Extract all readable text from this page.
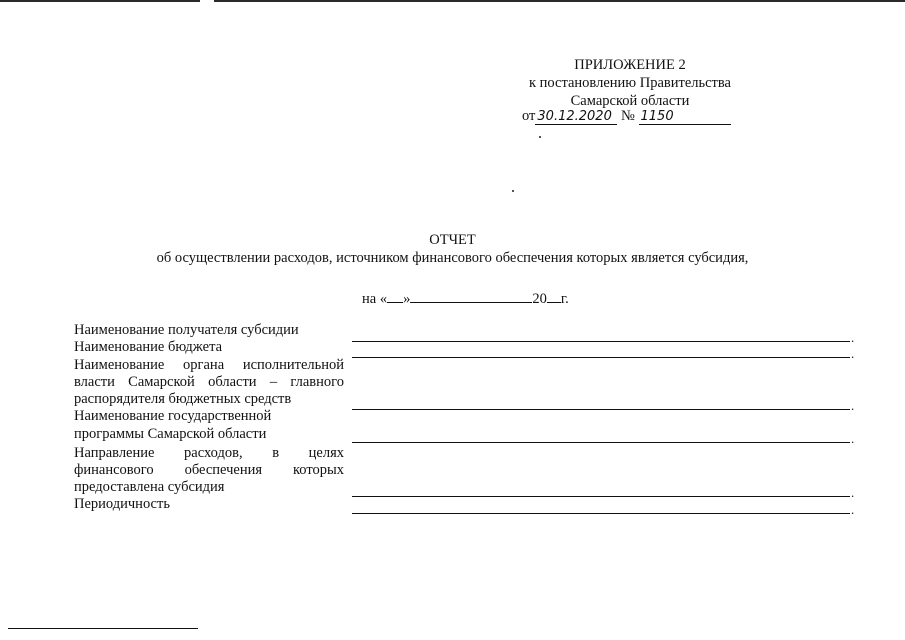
ПРИЛОЖЕНИЕ 2
к постановлению Правительства
Самарской области
от 30.12.2020 № 1150
ОТЧЕТ
об осуществлении расходов, источником финансового обеспечения которых является субсидия,
на « »	20 г.
Наименование получателя субсидии	.
Наименование бюджета	.
Наименование органа исполнительной власти Самарской области – главного распорядителя бюджетных средств	.
Наименование государственной
программы Самарской области	.
Направление расходов, в целях финансового обеспечения которых предоставлена субсидия	.
Периодичность	.
